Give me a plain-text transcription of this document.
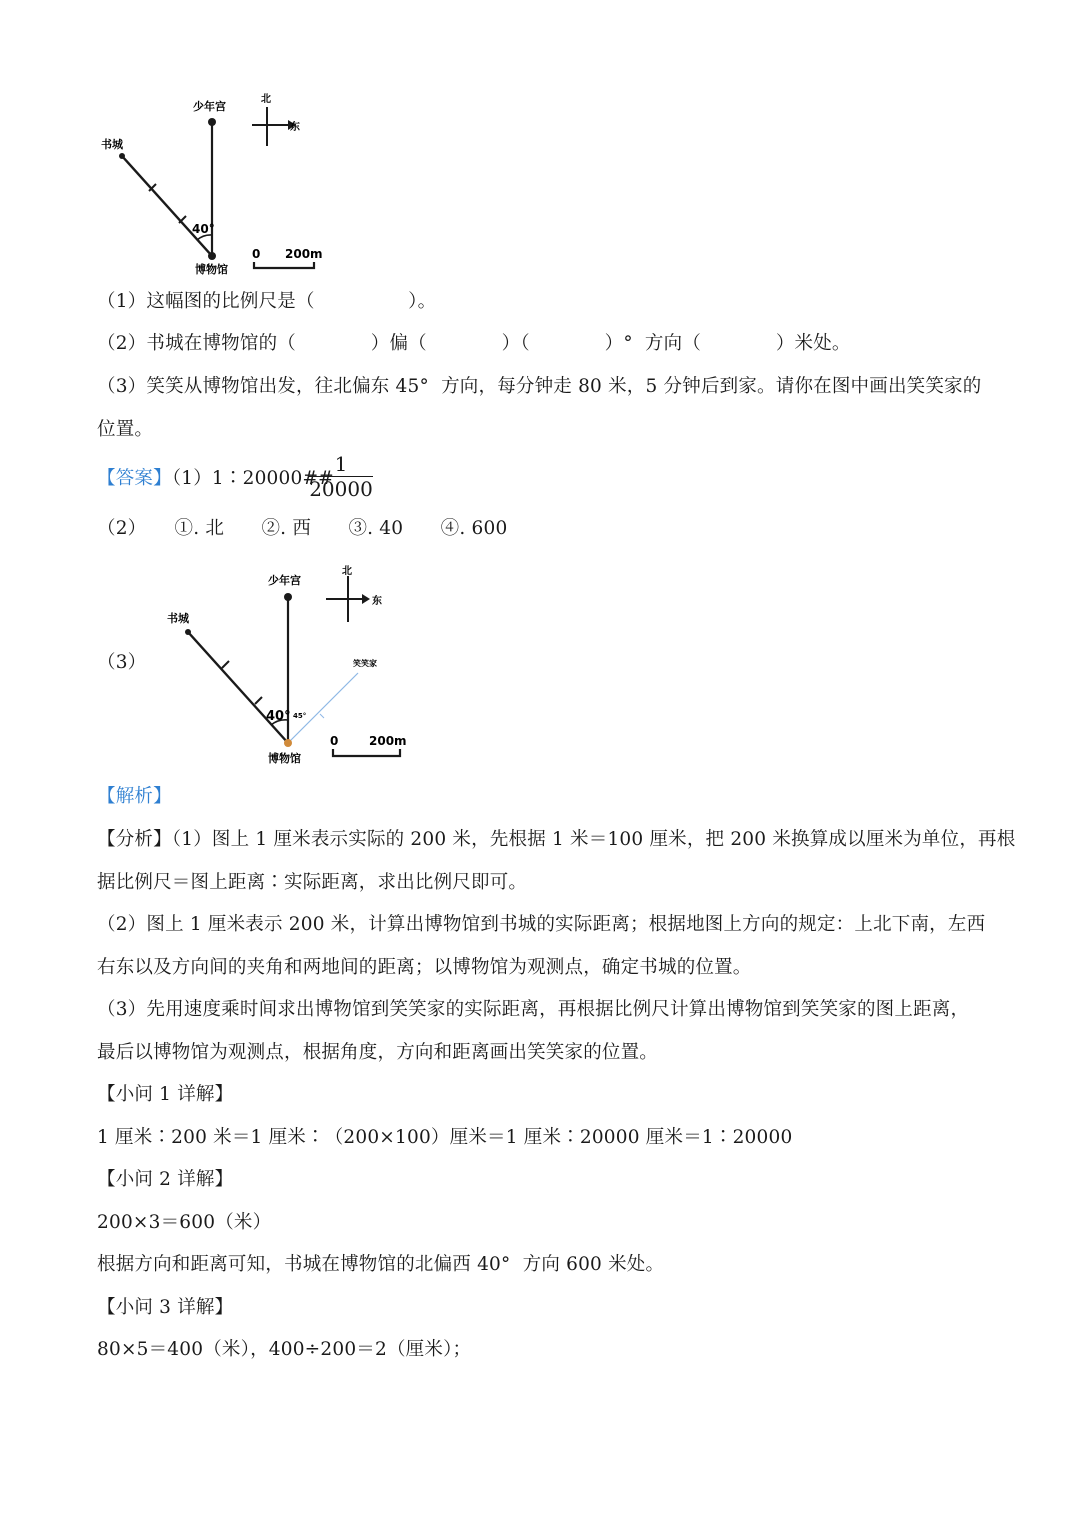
40°
少年宫
书城
博物馆
北
东
0 200m
（1）这幅图的比例尺是（　　　　　）。
（2）书城在博物馆的（　　　　）偏（　　　　）（　　　　）°  方向（　　　　）米处。
（3）笑笑从博物馆出发，往北偏东 45°  方向，每分钟走 80 米，5 分钟后到家。请你在图中画出笑笑家的
位置。
【答案】（1）1∶20000##
1
20000
（2）　　①. 北　　②. 西　　③. 40　　④. 600
（3）
40° 45°
笑笑家
少年宫
书城
博物馆
北
东
0	200m
【解析】
【分析】（1）图上 1 厘米表示实际的 200 米，先根据 1 米＝100 厘米，把 200 米换算成以厘米为单位，再根
据比例尺＝图上距离∶实际距离，求出比例尺即可。
（2）图上 1 厘米表示 200 米，计算出博物馆到书城的实际距离；根据地图上方向的规定：上北下南，左西
右东以及方向间的夹角和两地间的距离；以博物馆为观测点，确定书城的位置。
（3）先用速度乘时间求出博物馆到笑笑家的实际距离，再根据比例尺计算出博物馆到笑笑家的图上距离，
最后以博物馆为观测点，根据角度，方向和距离画出笑笑家的位置。
【小问 1 详解】
1 厘米∶200 米＝1 厘米∶（200×100）厘米＝1 厘米∶20000 厘米＝1∶20000
【小问 2 详解】
200×3＝600（米）
根据方向和距离可知，书城在博物馆的北偏西 40°  方向 600 米处。
【小问 3 详解】
80×5＝400（米），400÷200＝2（厘米）；
